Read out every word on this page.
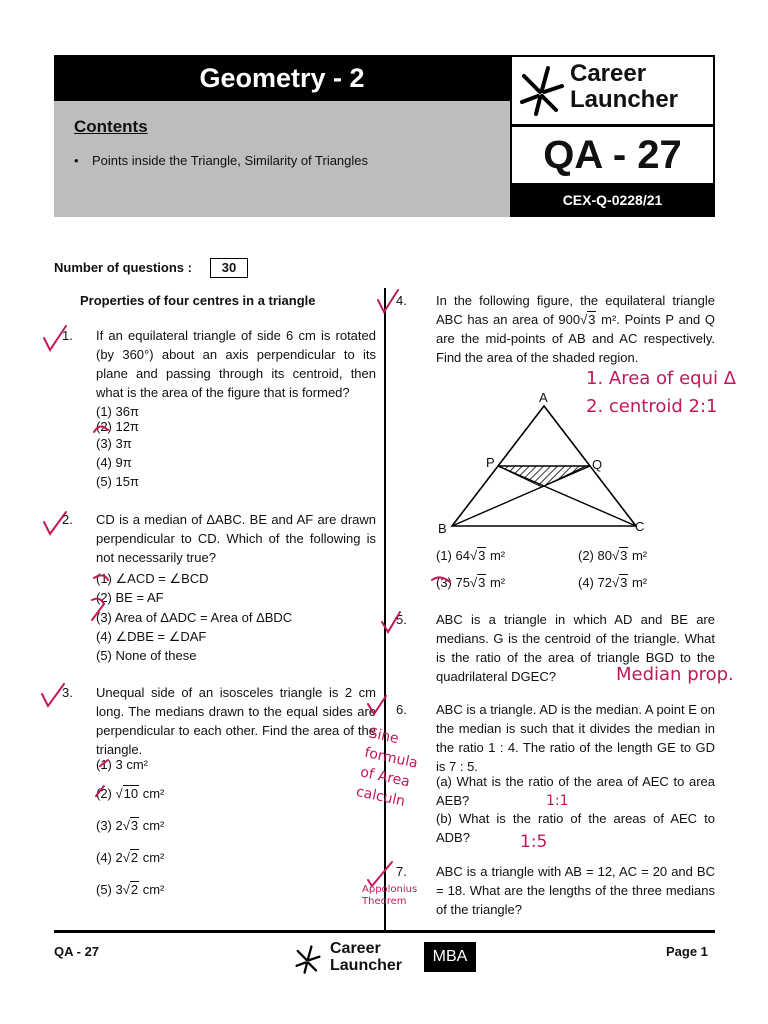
Geometry - 2
Contents
• Points inside the Triangle, Similarity of Triangles
Career
Launcher
QA - 27
CEX-Q-0228/21
Number of questions :	30
Properties of four centres in a triangle
1. If an equilateral triangle of side 6 cm is rotated (by 360°) about an axis perpendicular to its plane and passing through its centroid, then what is the area of the figure that is formed?
(1) 36π
(2) 12π
(3) 3π
(4) 9π
(5) 15π
2. CD is a median of ΔABC. BE and AF are drawn perpendicular to CD. Which of the following is not necessarily true?
(1) ∠ACD = ∠BCD
(2) BE = AF
(3) Area of ΔADC = Area of ΔBDC
(4) ∠DBE = ∠DAF
(5) None of these
3. Unequal side of an isosceles triangle is 2 cm long. The medians drawn to the equal sides are perpendicular to each other. Find the area of the triangle.
(1) 3 cm²
(2) √10 cm²
(3) 2√3 cm²
(4) 2√2 cm²
(5) 3√2 cm²
4. In the following figure, the equilateral triangle ABC has an area of 900√3 m². Points P and Q are the mid-points of AB and AC respectively. Find the area of the shaded region.
A
P	Q
B	C
(1) 64√3 m²	(2) 80√3 m²
(3) 75√3 m²	(4) 72√3 m²
5. ABC is a triangle in which AD and BE are medians. G is the centroid of the triangle. What is the ratio of the area of triangle BGD to the quadrilateral DGEC?
6. ABC is a triangle. AD is the median. A point E on the median is such that it divides the median in the ratio 1 : 4. The ratio of the length GE to GD is 7 : 5.
(a) What is the ratio of the area of AEC to area AEB?
(b) What is the ratio of the areas of AEC to ADB?
7. ABC is a triangle with AB = 12, AC = 20 and BC = 18. What are the lengths of the three medians of the triangle?
1. Area of equi Δ
2. centroid 2:1
Median prop.
Sine
formula
of Area
calculn	1:1
1:5
Appolonius
Theorem
QA - 27	Career
Launcher
MBA	Page 1
